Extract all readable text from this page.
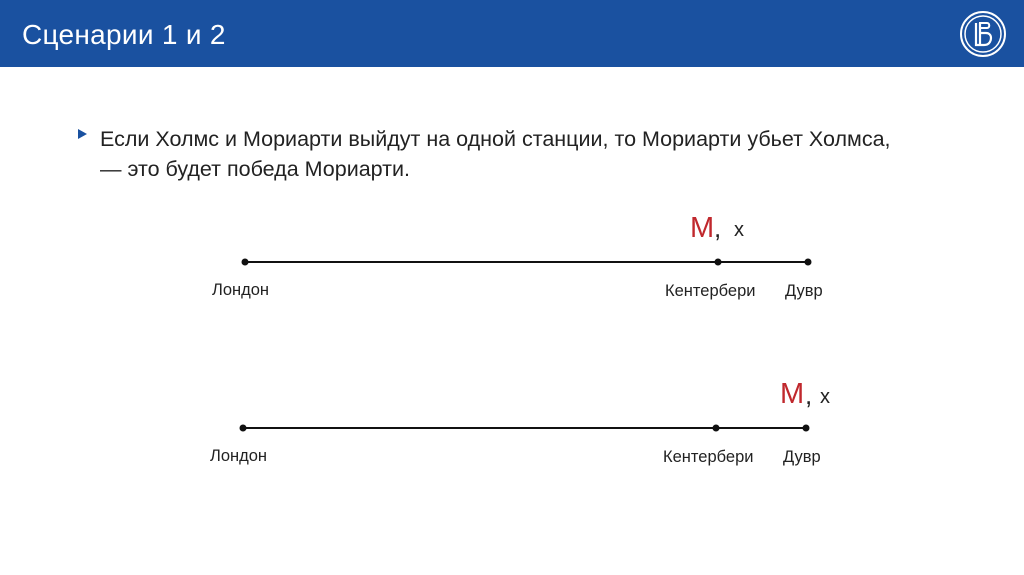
Сценарии 1 и 2
Если Холмс и Мориарти выйдут на одной станции, то Мориарти убьет Холмса, — это будет победа Мориарти.
Лондон	Кентербери Дувр
М , х
Лондон	Кентербери Дувр
М , х
